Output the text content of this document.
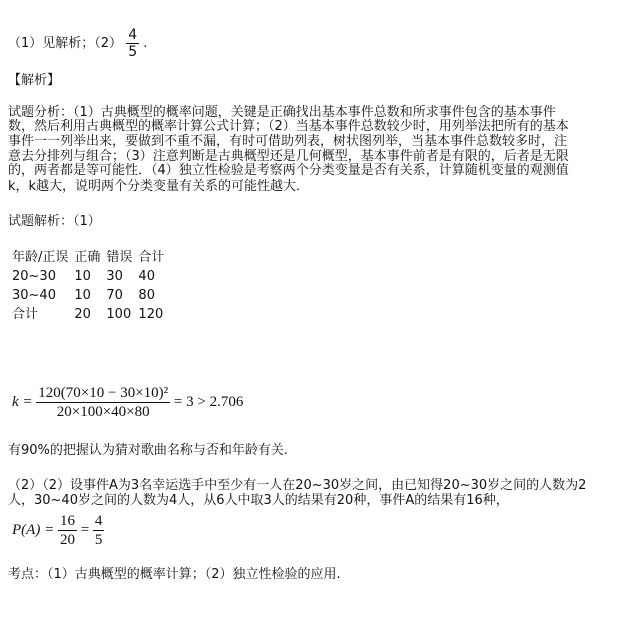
（1）见解析；$(2) \frac{4}{5}$ .
【解析】
试题分析：（1）古典概型的概率问题，关键是正确找出基本事件总数和所求事件包含的基本事件
数，然后利用古典概型的概率计算公式计算；（2）当基本事件总数较少时，用列举法把所有的基本
事件一一列举出来，要做到不重不漏，有时可借助列表，树状图列举，当基本事件总数较多时，注
意去分排列与组合；（3）注意判断是古典概型还是几何概型，基本事件前者是有限的，后者是无限
的，两者都是等可能性．（4）独立性检验是考察两个分类变量是否有关系，计算随机变量的观测值
k，k越大，说明两个分类变量有关系的可能性越大．
试题解析：（1）
年龄/正误	正确	错误	合计
20~30	10	30	40
30~40	10	70	80
合计	20	100	120
$k = \frac{\text{120(70×10 − 30×10)²}}{20\times 100\times 40\times 80} = 3 > 2.706$
有90%的把握认为猜对歌曲名称与否和年龄有关.
（2）（2）设事件A为3名幸运选手中至少有一人在20~30岁之间，由已知得20~30岁之间的人数为2
人，30~40岁之间的人数为4人，从6人中取3人的结果有20种，事件A的结果有16种，
$P(A) = \frac{16}{20} = \frac{4}{5}$
考点：（1）古典概型的概率计算；（2）独立性检验的应用.
